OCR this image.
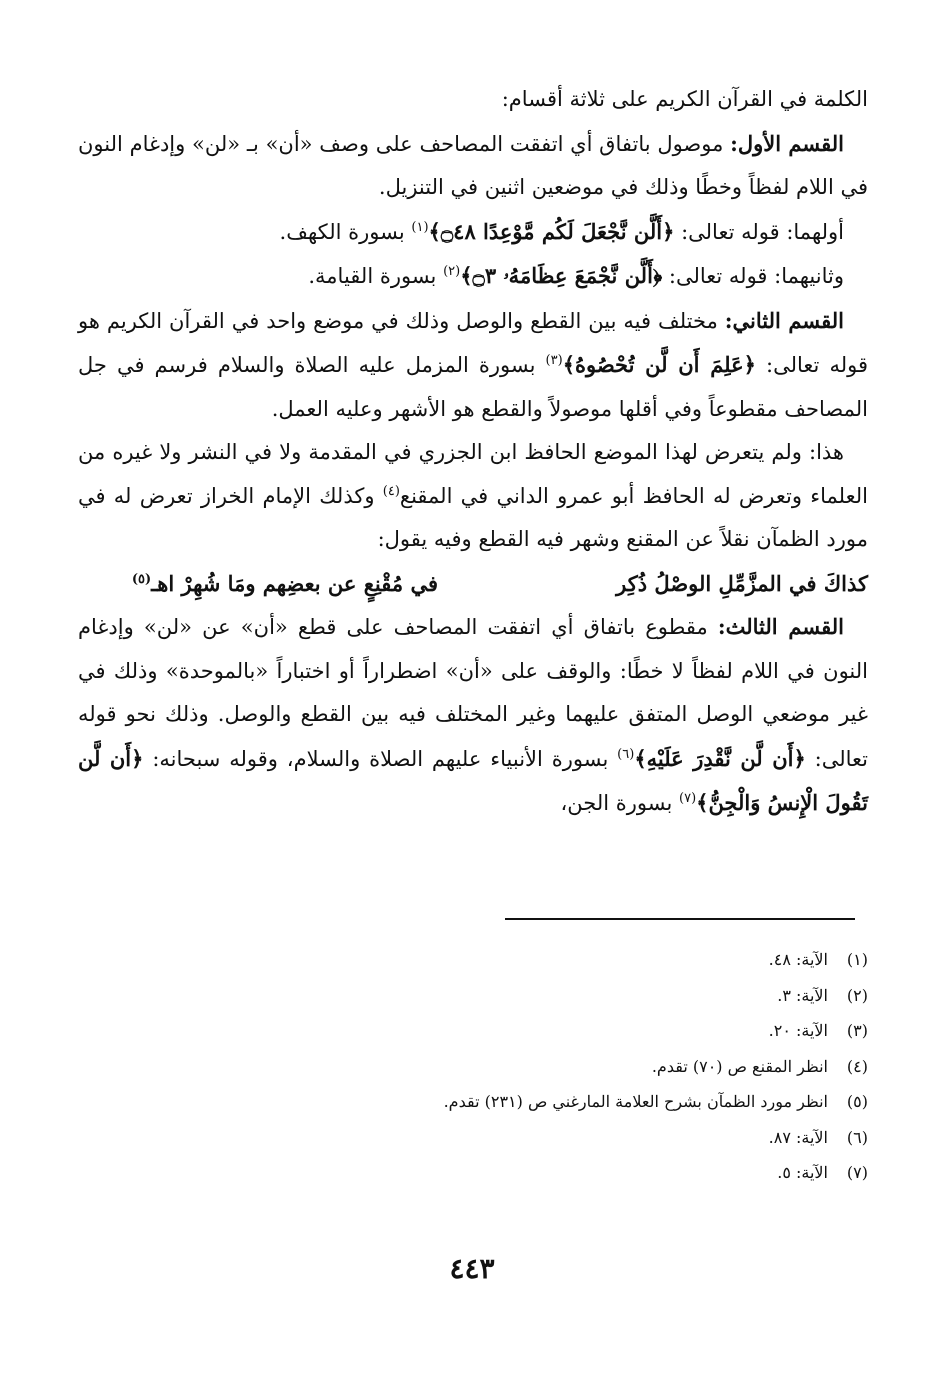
الكلمة في القرآن الكريم على ثلاثة أقسام:

القسم الأول: موصول باتفاق أي اتفقت المصاحف على وصف «أن» بـ «لن» وإدغام النون في اللام لفظاً وخطًا وذلك في موضعين اثنين في التنزيل.

أولهما: قوله تعالى: ﴿أَلَّن نَّجْعَلَ لَكُم مَّوْعِدًا ۝٤٨﴾$^{(١)}$ بسورة الكهف.

وثانيهما: قوله تعالى: ﴿أَلَّن نَّجْمَعَ عِظَامَهُۥ ۝٣﴾$^{(٢)}$ بسورة القيامة.

القسم الثاني: مختلف فيه بين القطع والوصل وذلك في موضع واحد في القرآن الكريم هو قوله تعالى: ﴿عَلِمَ أَن لَّن تُحْصُوهُ﴾$^{(٣)}$ بسورة المزمل عليه الصلاة والسلام فرسم في جل المصاحف مقطوعاً وفي أقلها موصولاً والقطع هو الأشهر وعليه العمل.

هذا: ولم يتعرض لهذا الموضع الحافظ ابن الجزري في المقدمة ولا في النشر ولا غيره من العلماء وتعرض له الحافظ أبو عمرو الداني في المقنع$^{(٤)}$ وكذلك الإمام الخراز تعرض له في مورد الظمآن نقلاً عن المقنع وشهر فيه القطع وفيه يقول:

كذاكَ في المزَّمِّلِ الوصْلُ ذُكِرفي مُقْنِعٍ عن بعضِهم ومَا شُهِرْ اهـ$^{(٥)}$

القسم الثالث: مقطوع باتفاق أي اتفقت المصاحف على قطع «أن» عن «لن» وإدغام النون في اللام لفظاً لا خطًا: والوقف على «أن» اضطراراً أو اختباراً «بالموحدة» وذلك في غير موضعي الوصل المتفق عليهما وغير المختلف فيه بين القطع والوصل. وذلك نحو قوله تعالى: ﴿أَن لَّن نَّقْدِرَ عَلَيْهِ﴾$^{(٦)}$ بسورة الأنبياء عليهم الصلاة والسلام، وقوله سبحانه: ﴿أَن لَّن تَقُولَ الْإِنسُ وَالْجِنُّ﴾$^{(٧)}$ بسورة الجن،

(١)الآية: ٤٨.
(٢)الآية: ٣.
(٣)الآية: ٢٠.
(٤)انظر المقنع ص (٧٠) تقدم.
(٥)انظر مورد الظمآن بشرح العلامة المارغني ص (٢٣١) تقدم.
(٦)الآية: ٨٧.
(٧)الآية: ٥.
٤٤٣
